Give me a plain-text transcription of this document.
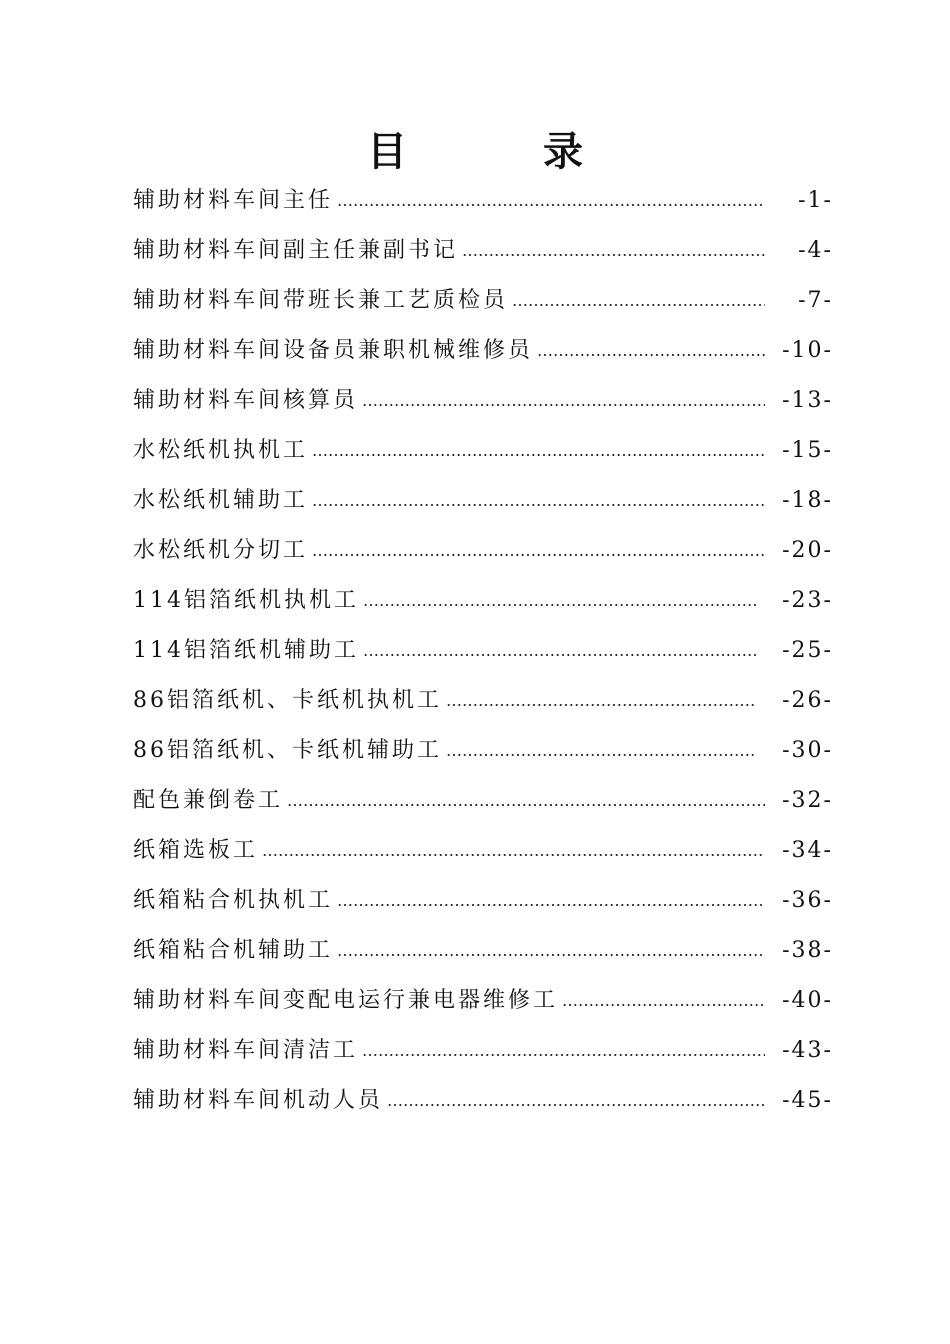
目　录
辅助材料车间主任 …………………………………………………………………………………………………………………………………………	-1-
辅助材料车间副主任兼副书记 …………………………………………………………………………………………………………………………………………	-4-
辅助材料车间带班长兼工艺质检员 …………………………………………………………………………………………………………………………………………	-7-
辅助材料车间设备员兼职机械维修员 …………………………………………………………………………………………………………………………………………	-10-
辅助材料车间核算员 …………………………………………………………………………………………………………………………………………	-13-
水松纸机执机工 …………………………………………………………………………………………………………………………………………	-15-
水松纸机辅助工 …………………………………………………………………………………………………………………………………………	-18-
水松纸机分切工 …………………………………………………………………………………………………………………………………………	-20-
114铝箔纸机执机工 …………………………………………………………………………………………………………………………………………	-23-
114铝箔纸机辅助工 …………………………………………………………………………………………………………………………………………	-25-
86铝箔纸机、卡纸机执机工 …………………………………………………………………………………………………………………………………………	-26-
86铝箔纸机、卡纸机辅助工 …………………………………………………………………………………………………………………………………………	-30-
配色兼倒卷工 …………………………………………………………………………………………………………………………………………	-32-
纸箱选板工 …………………………………………………………………………………………………………………………………………	-34-
纸箱粘合机执机工 …………………………………………………………………………………………………………………………………………	-36-
纸箱粘合机辅助工 …………………………………………………………………………………………………………………………………………	-38-
辅助材料车间变配电运行兼电器维修工 …………………………………………………………………………………………………………………………………………	-40-
辅助材料车间清洁工 …………………………………………………………………………………………………………………………………………	-43-
辅助材料车间机动人员 …………………………………………………………………………………………………………………………………………	-45-
